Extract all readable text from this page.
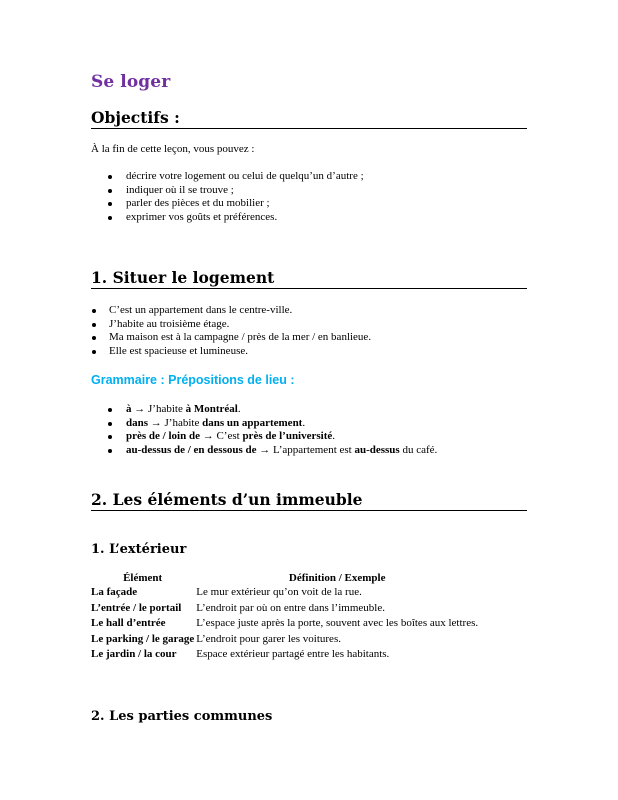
Se loger
Objectifs :
À la fin de cette leçon, vous pouvez :
décrire votre logement ou celui de quelqu’un d’autre ;
indiquer où il se trouve ;
parler des pièces et du mobilier ;
exprimer vos goûts et préférences.
1. Situer le logement
C’est un appartement dans le centre-ville.
J’habite au troisième étage.
Ma maison est à la campagne / près de la mer / en banlieue.
Elle est spacieuse et lumineuse.
Grammaire : Prépositions de lieu :
à → J’habite à Montréal.
dans → J’habite dans un appartement.
près de / loin de → C’est près de l’université.
au-dessus de / en dessous de → L’appartement est au-dessus du café.
2. Les éléments d’un immeuble
1. L’extérieur
Élément	Définition / Exemple
La façade	Le mur extérieur qu’on voit de la rue.
L’entrée / le portail	L’endroit par où on entre dans l’immeuble.
Le hall d’entrée	L’espace juste après la porte, souvent avec les boîtes aux lettres.
Le parking / le garage	L’endroit pour garer les voitures.
Le jardin / la cour	Espace extérieur partagé entre les habitants.
2. Les parties communes
